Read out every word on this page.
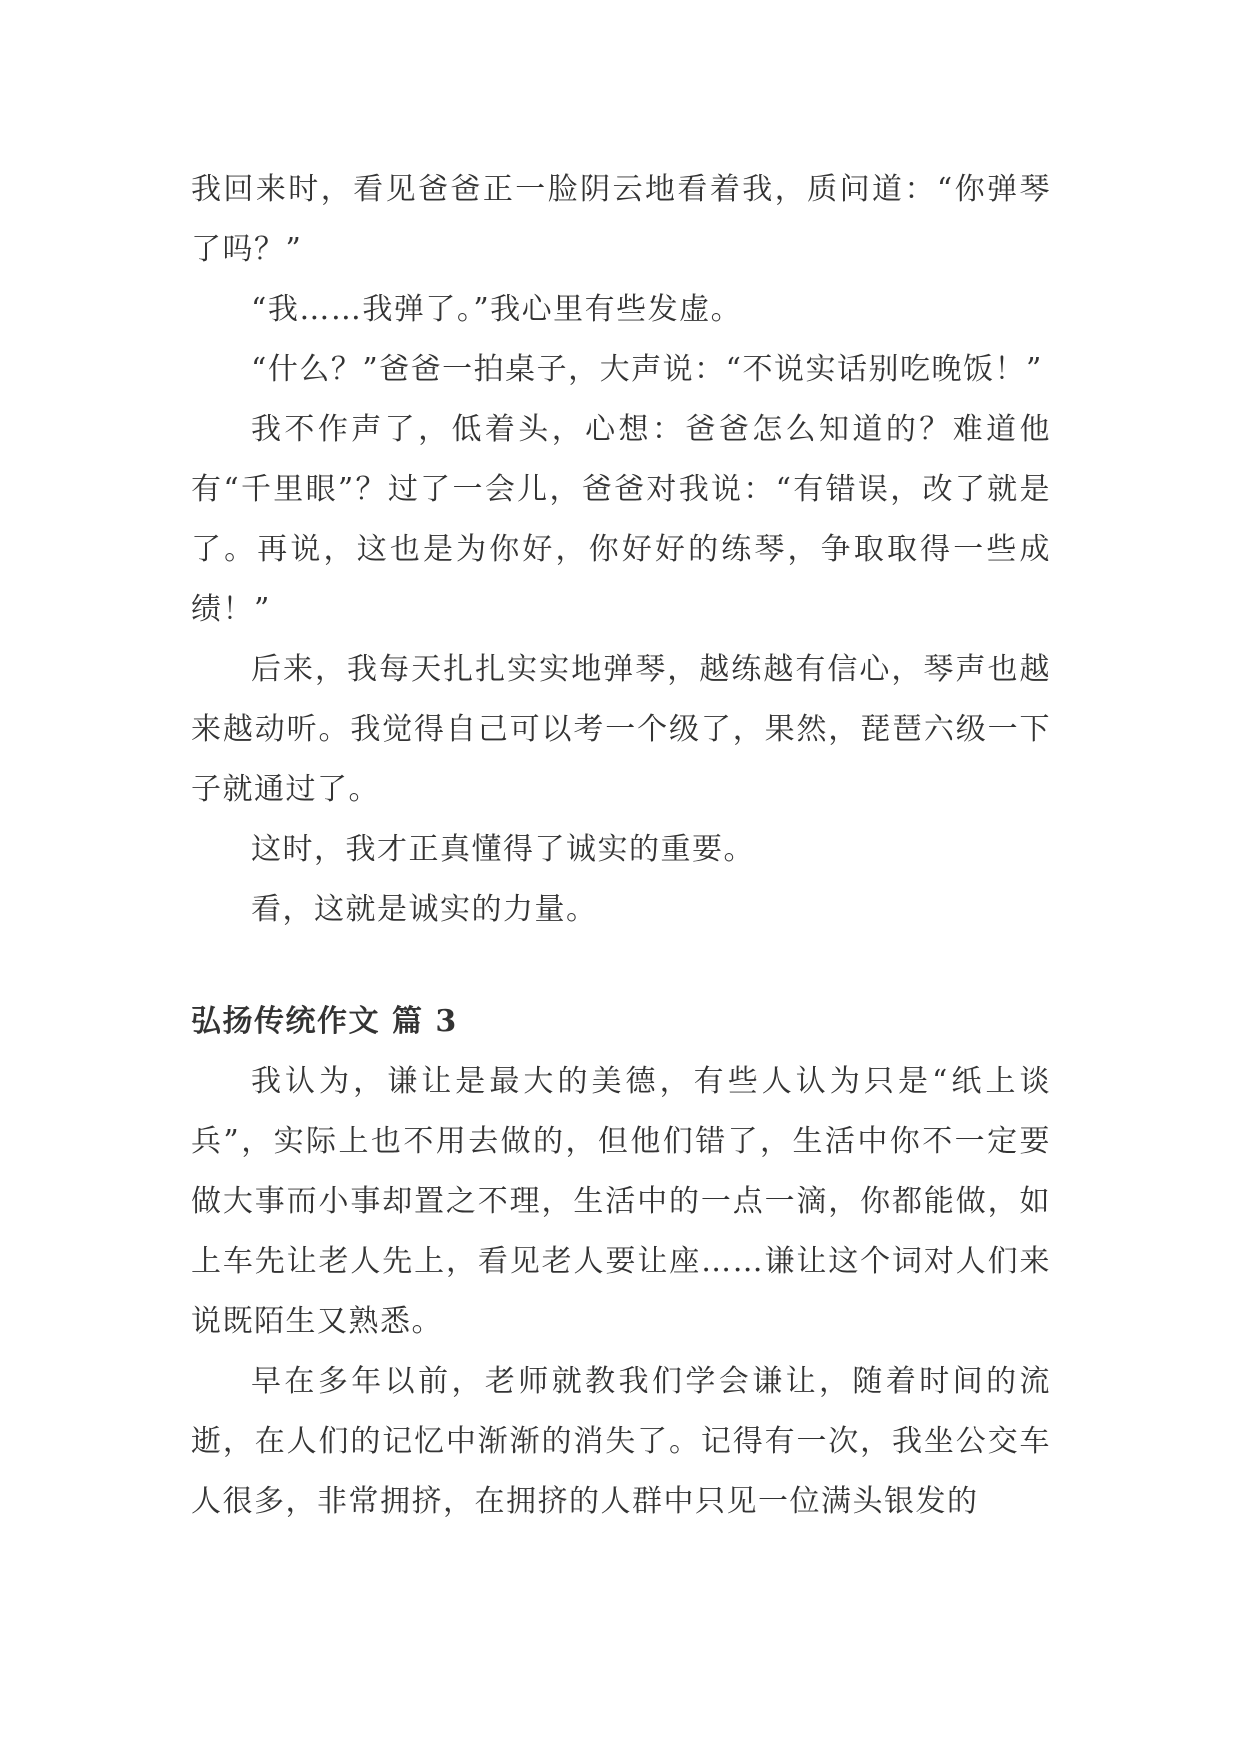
我回来时，看见爸爸正一脸阴云地看着我，质问道：“你弹琴了吗？”

“我……我弹了。”我心里有些发虚。

“什么？”爸爸一拍桌子，大声说：“不说实话别吃晚饭！”

我不作声了，低着头，心想：爸爸怎么知道的？难道他有“千里眼”？过了一会儿，爸爸对我说：“有错误，改了就是了。再说，这也是为你好，你好好的练琴，争取取得一些成绩！”

后来，我每天扎扎实实地弹琴，越练越有信心，琴声也越来越动听。我觉得自己可以考一个级了，果然，琵琶六级一下子就通过了。

这时，我才正真懂得了诚实的重要。

看，这就是诚实的力量。

弘扬传统作文 篇 3

我认为，谦让是最大的美德，有些人认为只是“纸上谈兵”，实际上也不用去做的，但他们错了，生活中你不一定要做大事而小事却置之不理，生活中的一点一滴，你都能做，如上车先让老人先上，看见老人要让座……谦让这个词对人们来说既陌生又熟悉。

早在多年以前，老师就教我们学会谦让，随着时间的流逝，在人们的记忆中渐渐的消失了。记得有一次，我坐公交车人很多，非常拥挤，在拥挤的人群中只见一位满头银发的
